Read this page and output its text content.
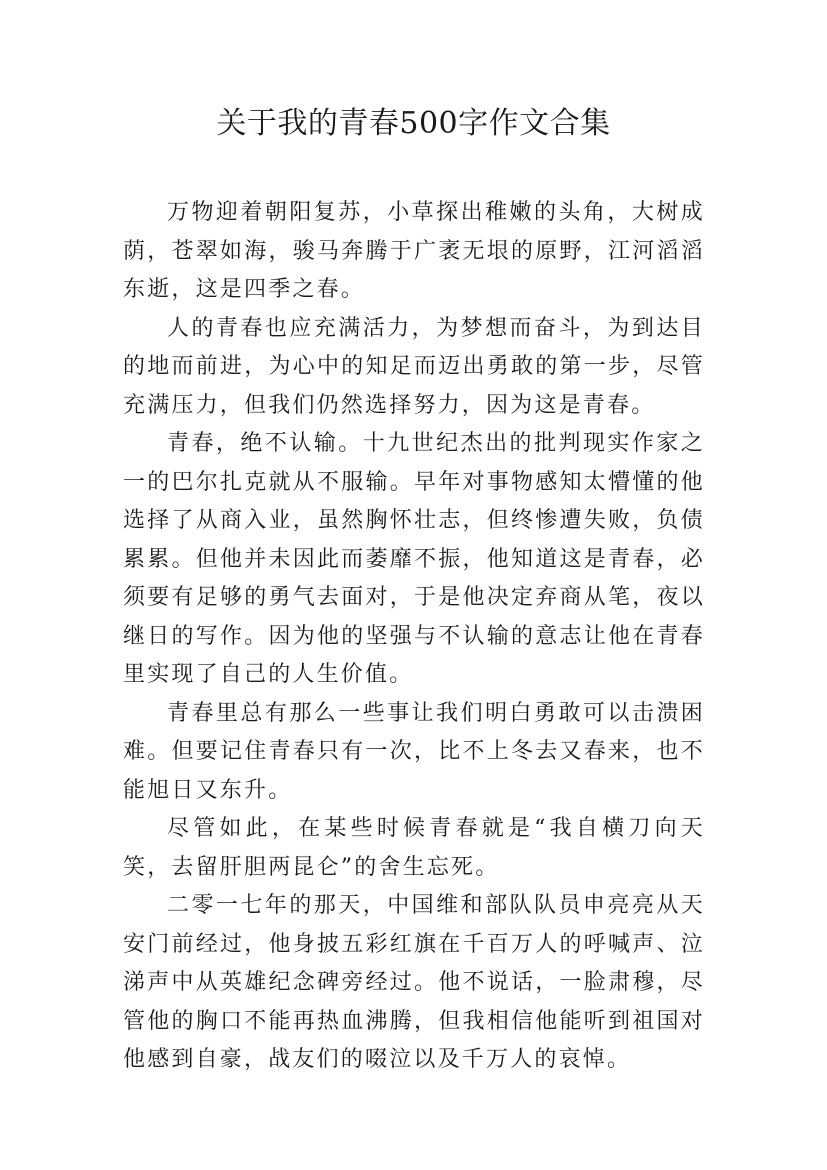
关于我的青春500字作文合集

万物迎着朝阳复苏，小草探出稚嫩的头角，大树成荫，苍翠如海，骏马奔腾于广袤无垠的原野，江河滔滔东逝，这是四季之春。

人的青春也应充满活力，为梦想而奋斗，为到达目的地而前进，为心中的知足而迈出勇敢的第一步，尽管充满压力，但我们仍然选择努力，因为这是青春。

青春，绝不认输。十九世纪杰出的批判现实作家之一的巴尔扎克就从不服输。早年对事物感知太懵懂的他选择了从商入业，虽然胸怀壮志，但终惨遭失败，负债累累。但他并未因此而萎靡不振，他知道这是青春，必须要有足够的勇气去面对，于是他决定弃商从笔，夜以继日的写作。因为他的坚强与不认输的意志让他在青春里实现了自己的人生价值。

青春里总有那么一些事让我们明白勇敢可以击溃困难。但要记住青春只有一次，比不上冬去又春来，也不能旭日又东升。

尽管如此，在某些时候青春就是“我自横刀向天笑，去留肝胆两昆仑”的舍生忘死。

二零一七年的那天，中国维和部队队员申亮亮从天安门前经过，他身披五彩红旗在千百万人的呼喊声、泣涕声中从英雄纪念碑旁经过。他不说话，一脸肃穆，尽管他的胸口不能再热血沸腾，但我相信他能听到祖国对他感到自豪，战友们的啜泣以及千万人的哀悼。
